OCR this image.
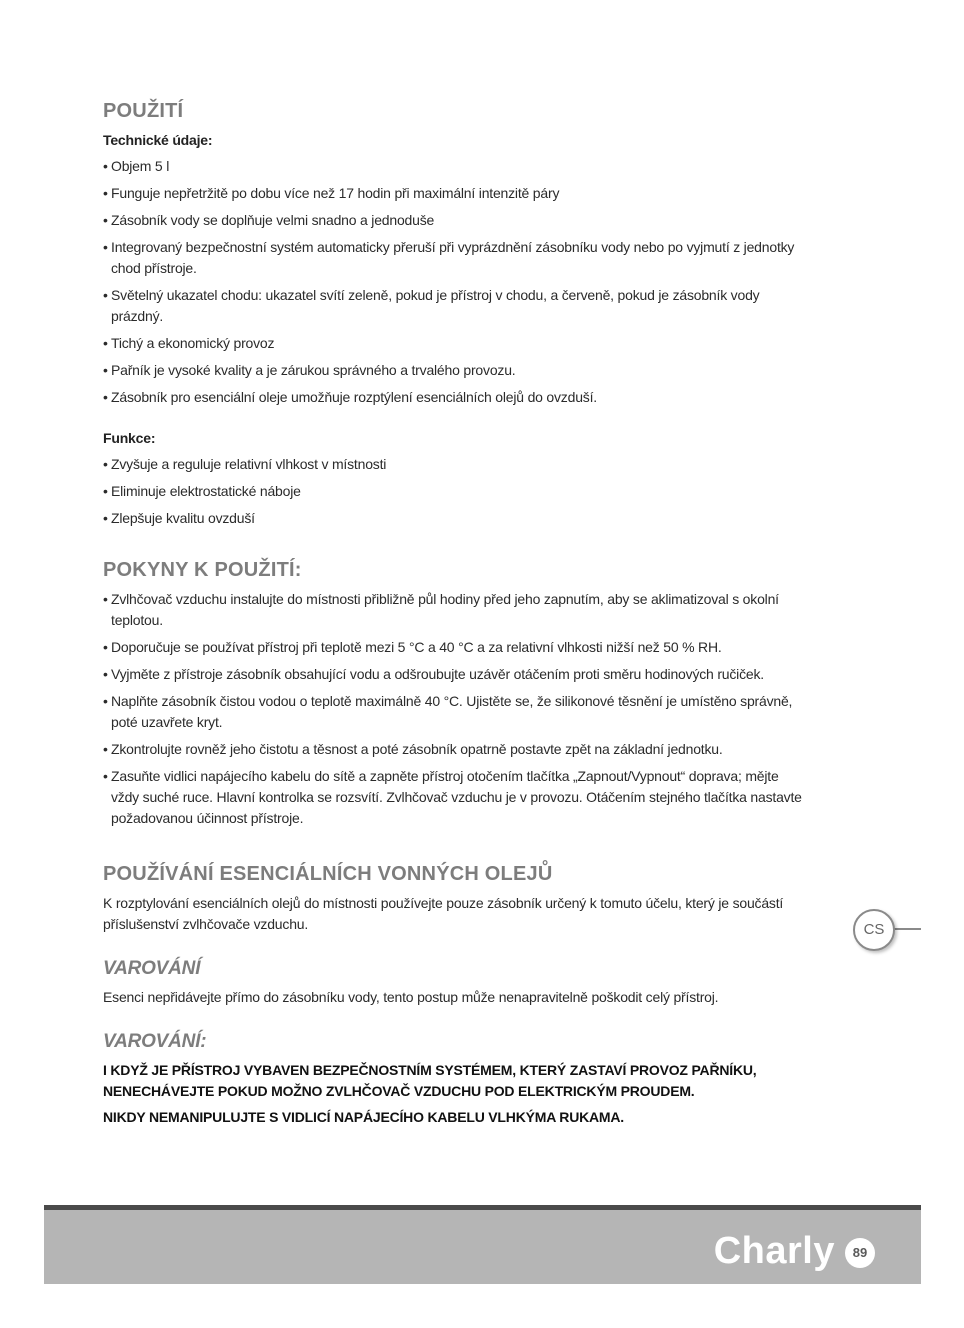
POUŽITÍ
Technické údaje:
• Objem 5 l
• Funguje nepřetržitě po dobu více než 17 hodin při maximální intenzitě páry
• Zásobník vody se doplňuje velmi snadno a jednoduše
• Integrovaný bezpečnostní systém automaticky přeruší při vyprázdnění zásobníku vody nebo po vyjmutí z jednotky chod přístroje.
• Světelný ukazatel chodu: ukazatel svítí zeleně, pokud je přístroj v chodu, a červeně, pokud je zásobník vody prázdný.
• Tichý a ekonomický provoz
• Pařník je vysoké kvality a je zárukou správného a trvalého provozu.
• Zásobník pro esenciální oleje umožňuje rozptýlení esenciálních olejů do ovzduší.
Funkce:
• Zvyšuje a reguluje relativní vlhkost v místnosti
• Eliminuje elektrostatické náboje
• Zlepšuje kvalitu ovzduší
POKYNY K POUŽITÍ:
• Zvlhčovač vzduchu instalujte do místnosti přibližně půl hodiny před jeho zapnutím, aby se aklimatizoval s okolní teplotou.
• Doporučuje se používat přístroj při teplotě mezi 5 °C a 40 °C a za relativní vlhkosti nižší než 50 % RH.
• Vyjměte z přístroje zásobník obsahující vodu a odšroubujte uzávěr otáčením proti směru hodinových ručiček.
• Naplňte zásobník čistou vodou o teplotě maximálně 40 °C. Ujistěte se, že silikonové těsnění je umístěno správně, poté uzavřete kryt.
• Zkontrolujte rovněž jeho čistotu a těsnost a poté zásobník opatrně postavte zpět na základní jednotku.
• Zasuňte vidlici napájecího kabelu do sítě a zapněte přístroj otočením tlačítka „Zapnout/Vypnout“ doprava; mějte vždy suché ruce. Hlavní kontrolka se rozsvítí. Zvlhčovač vzduchu je v provozu. Otáčením stejného tlačítka nastavte požadovanou účinnost přístroje.
POUŽÍVÁNÍ ESENCIÁLNÍCH VONNÝCH OLEJŮ

K rozptylování esenciálních olejů do místnosti používejte pouze zásobník určený k tomuto účelu, který je součástí příslušenství zvlhčovače vzduchu.

VAROVÁNÍ

Esenci nepřidávejte přímo do zásobníku vody, tento postup může nenapravitelně poškodit celý přístroj.

VAROVÁNÍ:

I KDYŽ JE PŘÍSTROJ VYBAVEN BEZPEČNOSTNÍM SYSTÉMEM, KTERÝ ZASTAVÍ PROVOZ PAŘNÍKU, NENECHÁVEJTE POKUD MOŽNO ZVLHČOVAČ VZDUCHU POD ELEKTRICKÝM PROUDEM.

NIKDY NEMANIPULUJTE S VIDLICÍ NAPÁJECÍHO KABELU VLHKÝMA RUKAMA.

CS
Charly	89
